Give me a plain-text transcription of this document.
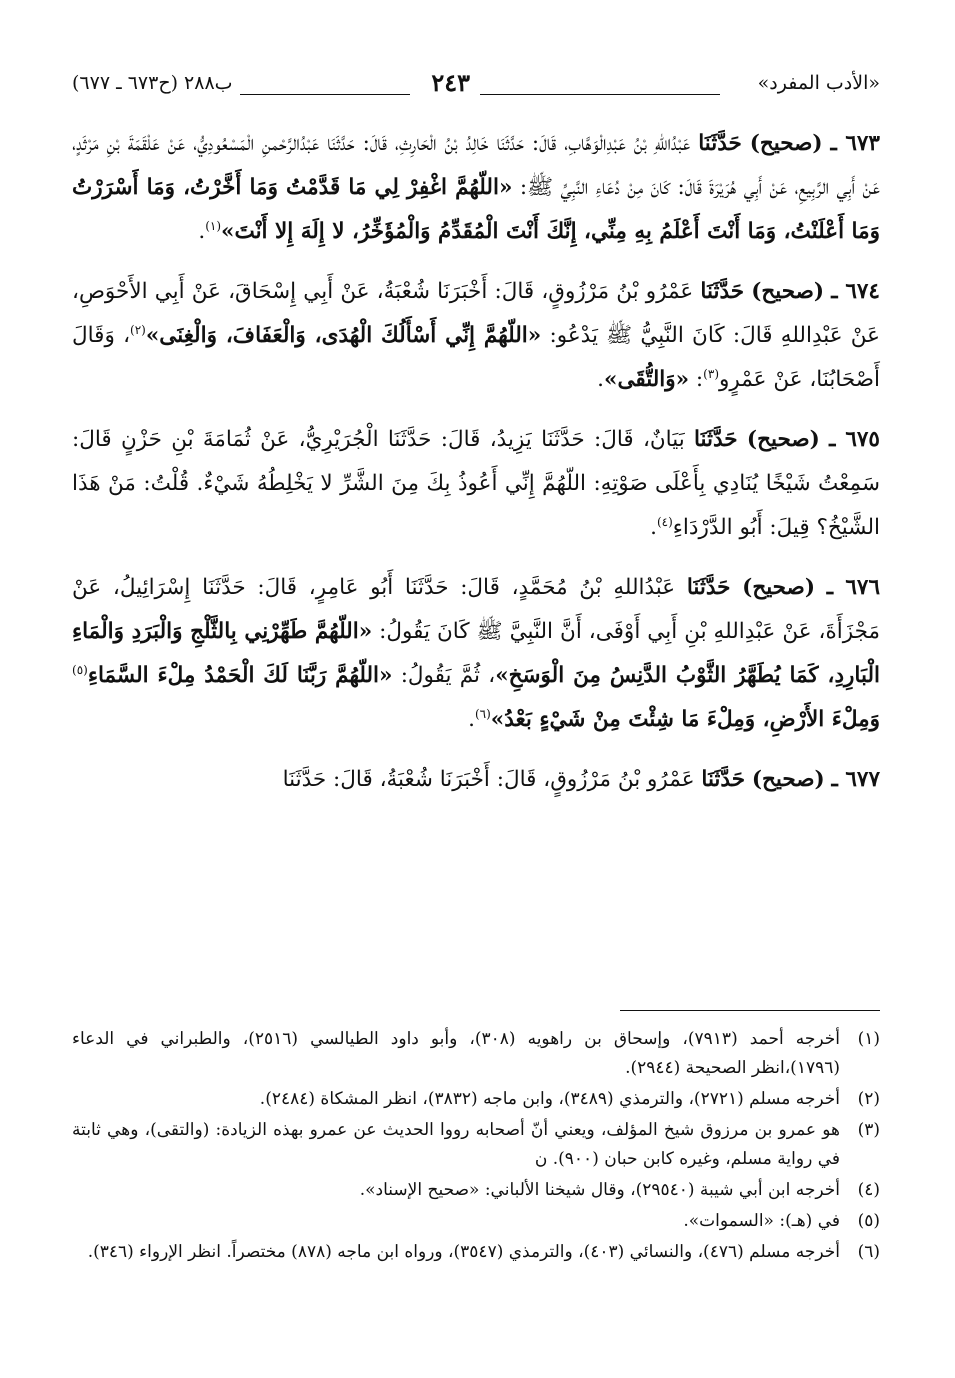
«الأدب المفرد»
٢٤٣
ب٢٨٨ (ح٦٧٣ ـ ٦٧٧)

٦٧٣ ـ (صحيح) حَدَّثَنَا عَبْدُاللهِ بْنُ عَبْدِالْوَهَّابِ، قَالَ: حَدَّثَنَا خَالِدُ بْنُ الْحَارِثِ، قَالَ: حَدَّثَنَا عَبْدُالرَّحْمنِ الْمَسْعُودِيُّ، عَنْ عَلْقَمَةَ بْنِ مَرْثَدٍ، عَنْ أَبِي الرَّبِيعِ، عَنْ أَبِي هُرَيْرَةَ قَالَ: كَانَ مِنْ دُعَاءِ النَّبِيِّ ﷺ: «اللّهُمَّ اغْفِرْ لِي مَا قَدَّمْتُ وَمَا أَخَّرْتُ، وَمَا أَسْرَرْتُ وَمَا أَعْلَنْتُ، وَمَا أَنْتَ أَعْلَمُ بِهِ مِنِّي، إِنَّكَ أَنْتَ الْمُقَدِّمُ وَالْمُؤَخِّرُ، لا إِلَهَ إِلا أَنْتَ»$^{(١)}$.

٦٧٤ ـ (صحيح) حَدَّثَنَا عَمْرُو بْنُ مَرْزُوقٍ، قَالَ: أَخْبَرَنَا شُعْبَةُ، عَنْ أَبِي إِسْحَاقَ، عَنْ أَبِي الأَحْوَصِ، عَنْ عَبْدِاللهِ قَالَ: كَانَ النَّبِيُّ ﷺ يَدْعُو: «اللّهُمَّ إِنِّي أَسْأَلُكَ الْهُدَى، وَالْعَفَافَ، وَالْغِنَى»$^{(٢)}$، وَقَالَ أَصْحَابُنَا، عَنْ عَمْرٍو$^{(٣)}$: «وَالتُّقَى».

٦٧٥ ـ (صحيح) حَدَّثَنَا بَيَانٌ، قَالَ: حَدَّثَنَا يَزِيدُ، قَالَ: حَدَّثَنَا الْجُرَيْرِيُّ، عَنْ ثُمَامَةَ بْنِ حَزْنٍ قَالَ: سَمِعْتُ شَيْخًا يُنَادِي بِأَعْلَى صَوْتِهِ: اللّهُمَّ إِنِّي أَعُوذُ بِكَ مِنَ الشَّرِّ لا يَخْلِطُهُ شَيْءٌ. قُلْتُ: مَنْ هَذَا الشَّيْخُ؟ قِيلَ: أَبُو الدَّرْدَاءِ$^{(٤)}$.

٦٧٦ ـ (صحيح) حَدَّثَنَا عَبْدُاللهِ بْنُ مُحَمَّدٍ، قَالَ: حَدَّثَنَا أَبُو عَامِرٍ، قَالَ: حَدَّثَنَا إِسْرَائِيلُ، عَنْ مَجْزَأَةَ، عَنْ عَبْدِاللهِ بْنِ أَبِي أَوْفَى، أَنَّ النَّبِيَّ ﷺ كَانَ يَقُولُ: «اللّهُمَّ طَهِّرْنِي بِالثَّلْجِ وَالْبَرَدِ وَالْمَاءِ الْبَارِدِ، كَمَا يُطَهَّرُ الثَّوْبُ الدَّنِسُ مِنَ الْوَسَخِ»، ثُمَّ يَقُولُ: «اللّهُمَّ رَبَّنَا لَكَ الْحَمْدُ مِلْءَ السَّمَاءِ$^{(٥)}$ وَمِلْءَ الأَرْضِ، وَمِلْءَ مَا شِئْتَ مِنْ شَيْءٍ بَعْدُ»$^{(٦)}$.

٦٧٧ ـ (صحيح) حَدَّثَنَا عَمْرُو بْنُ مَرْزُوقٍ، قَالَ: أَخْبَرَنَا شُعْبَةُ، قَالَ: حَدَّثَنَا

(١)
أخرجه أحمد (٧٩١٣)، وإسحاق بن راهويه (٣٠٨)، وأبو داود الطيالسي (٢٥١٦)، والطبراني في الدعاء (١٧٩٦)،انظر الصحيحة (٢٩٤٤).
(٢)
أخرجه مسلم (٢٧٢١)، والترمذي (٣٤٨٩)، وابن ماجه (٣٨٣٢)، انظر المشكاة (٢٤٨٤).
(٣)
هو عمرو بن مرزوق شيخ المؤلف، ويعني أنّ أصحابه رووا الحديث عن عمرو بهذه الزيادة: (والتقى)، وهي ثابتة في رواية مسلم، وغيره كابن حبان (٩٠٠). ن
(٤)
أخرجه ابن أبي شيبة (٢٩٥٤٠)، وقال شيخنا الألباني: «صحيح الإسناد».
(٥)
في (هـ): «السموات».
(٦)
أخرجه مسلم (٤٧٦)، والنسائي (٤٠٣)، والترمذي (٣٥٤٧)، ورواه ابن ماجه (٨٧٨) مختصراً. انظر الإرواء (٣٤٦).
